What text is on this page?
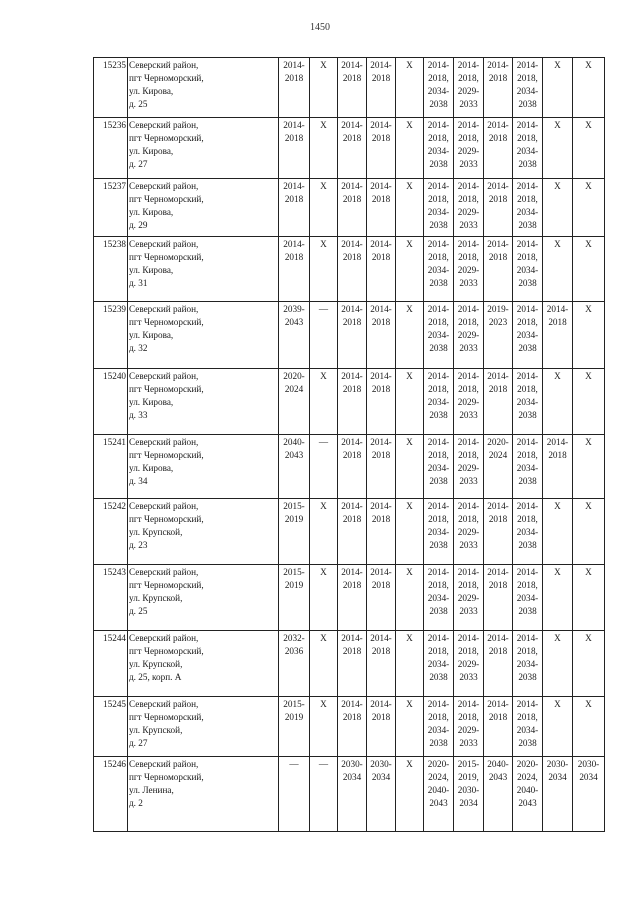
1450
15235	Северский район,
пгт Черноморский,
ул. Кирова,
д. 25	2014-
2018	X	2014-
2018	2014-
2018	X	2014-
2018,
2034-
2038	2014-
2018,
2029-
2033	2014-
2018	2014-
2018,
2034-
2038	X	X

15236	Северский район,
пгт Черноморский,
ул. Кирова,
д. 27	2014-
2018	X	2014-
2018	2014-
2018	X	2014-
2018,
2034-
2038	2014-
2018,
2029-
2033	2014-
2018	2014-
2018,
2034-
2038	X	X

15237	Северский район,
пгт Черноморский,
ул. Кирова,
д. 29	2014-
2018	X	2014-
2018	2014-
2018	X	2014-
2018,
2034-
2038	2014-
2018,
2029-
2033	2014-
2018	2014-
2018,
2034-
2038	X	X

15238	Северский район,
пгт Черноморский,
ул. Кирова,
д. 31	2014-
2018	X	2014-
2018	2014-
2018	X	2014-
2018,
2034-
2038	2014-
2018,
2029-
2033	2014-
2018	2014-
2018,
2034-
2038	X	X

15239	Северский район,
пгт Черноморский,
ул. Кирова,
д. 32	2039-
2043	—	2014-
2018	2014-
2018	X	2014-
2018,
2034-
2038	2014-
2018,
2029-
2033	2019-
2023	2014-
2018,
2034-
2038	2014-
2018	X

15240	Северский район,
пгт Черноморский,
ул. Кирова,
д. 33	2020-
2024	X	2014-
2018	2014-
2018	X	2014-
2018,
2034-
2038	2014-
2018,
2029-
2033	2014-
2018	2014-
2018,
2034-
2038	X	X

15241	Северский район,
пгт Черноморский,
ул. Кирова,
д. 34	2040-
2043	—	2014-
2018	2014-
2018	X	2014-
2018,
2034-
2038	2014-
2018,
2029-
2033	2020-
2024	2014-
2018,
2034-
2038	2014-
2018	X

15242	Северский район,
пгт Черноморский,
ул. Крупской,
д. 23	2015-
2019	X	2014-
2018	2014-
2018	X	2014-
2018,
2034-
2038	2014-
2018,
2029-
2033	2014-
2018	2014-
2018,
2034-
2038	X	X

15243	Северский район,
пгт Черноморский,
ул. Крупской,
д. 25	2015-
2019	X	2014-
2018	2014-
2018	X	2014-
2018,
2034-
2038	2014-
2018,
2029-
2033	2014-
2018	2014-
2018,
2034-
2038	X	X

15244	Северский район,
пгт Черноморский,
ул. Крупской,
д. 25, корп. А	2032-
2036	X	2014-
2018	2014-
2018	X	2014-
2018,
2034-
2038	2014-
2018,
2029-
2033	2014-
2018	2014-
2018,
2034-
2038	X	X

15245	Северский район,
пгт Черноморский,
ул. Крупской,
д. 27	2015-
2019	X	2014-
2018	2014-
2018	X	2014-
2018,
2034-
2038	2014-
2018,
2029-
2033	2014-
2018	2014-
2018,
2034-
2038	X	X

15246	Северский район,
пгт Черноморский,
ул. Ленина,
д. 2	—	—	2030-
2034	2030-
2034	X	2020-
2024,
2040-
2043	2015-
2019,
2030-
2034	2040-
2043	2020-
2024,
2040-
2043	2030-
2034	2030-
2034
